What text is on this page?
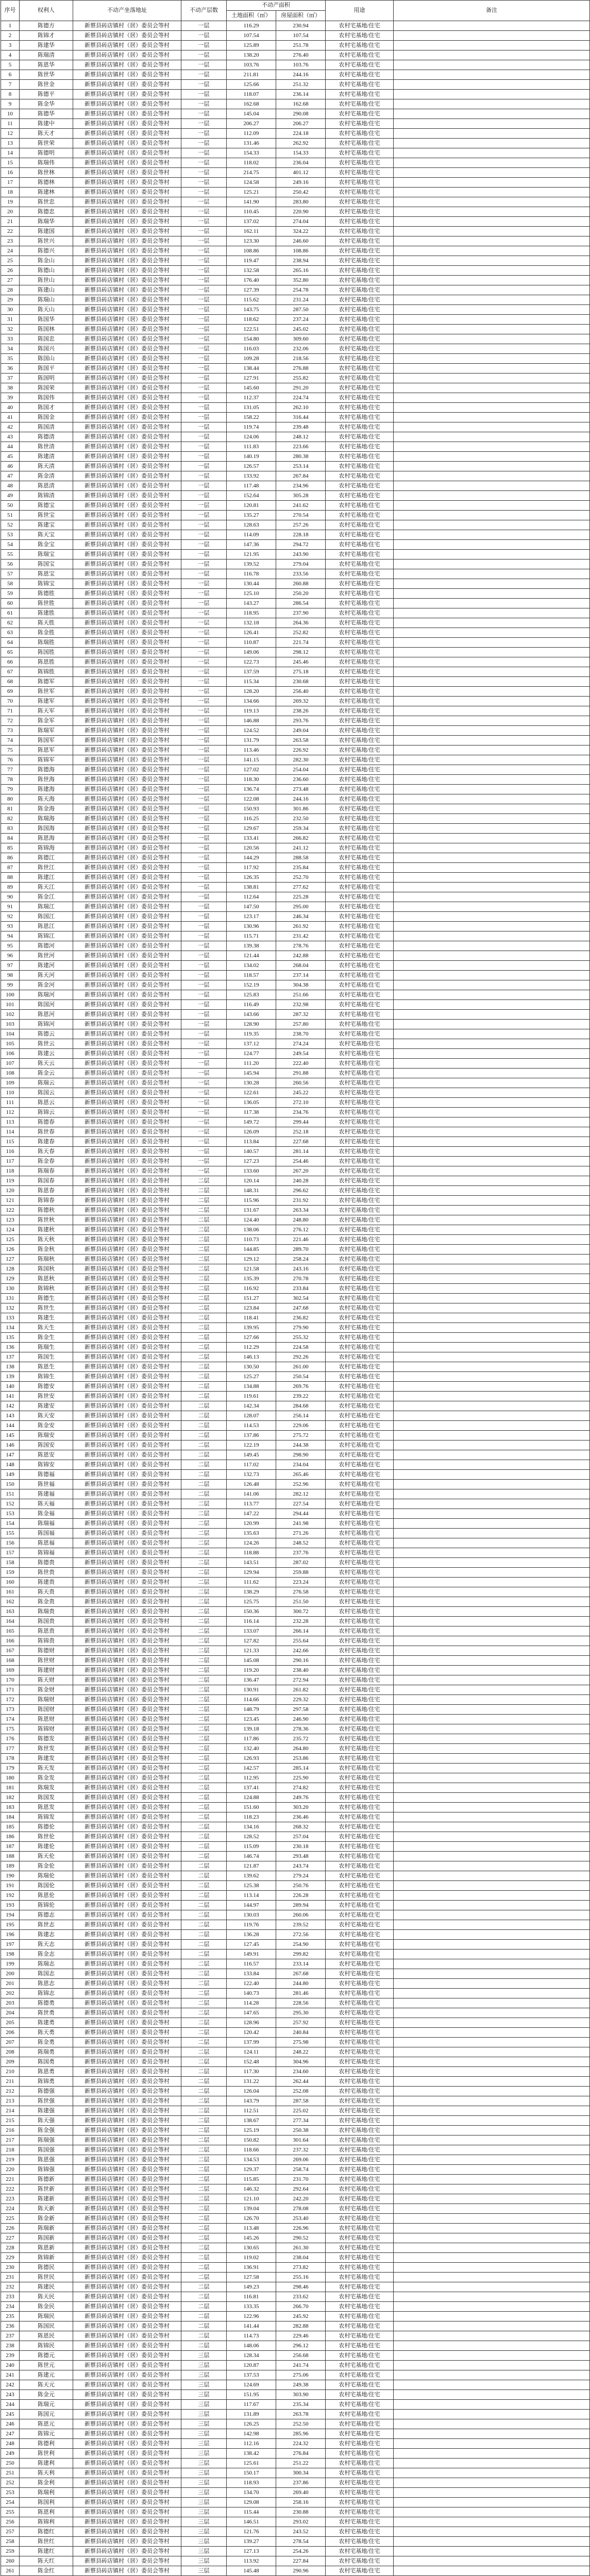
序号	权利人	不动产坐落地址	不动产层数	不动产面积		用途	备注
				土地面积（㎡）	房屋面积（㎡）		
1	陈德方	新蔡县砖店镇村（居）委员会等村	一层	116.29	230.94	农村宅基地/住宅	
2	陈锦才	新蔡县砖店镇村（居）委员会等村	一层	107.54	107.54	农村宅基地/住宅	
3	陈建华	新蔡县砖店镇村（居）委员会等村	一层	125.89	251.78	农村宅基地/住宅	
4	陈瑞清	新蔡县砖店镇村（居）委员会等村	一层	138.20	276.40	农村宅基地/住宅	
5	陈恩华	新蔡县砖店镇村（居）委员会等村	一层	103.76	103.76	农村宅基地/住宅	
6	陈世华	新蔡县砖店镇村（居）委员会等村	一层	211.81	244.16	农村宅基地/住宅	
7	陈世金	新蔡县砖店镇村（居）委员会等村	一层	125.66	251.32	农村宅基地/住宅	
8	陈德平	新蔡县砖店镇村（居）委员会等村	一层	118.07	236.14	农村宅基地/住宅	
9	陈金华	新蔡县砖店镇村（居）委员会等村	一层	162.68	162.68	农村宅基地/住宅	
10	陈德华	新蔡县砖店镇村（居）委员会等村	一层	145.04	290.08	农村宅基地/住宅	
11	陈建中	新蔡县砖店镇村（居）委员会等村	一层	206.27	206.27	农村宅基地/住宅	
12	陈天才	新蔡县砖店镇村（居）委员会等村	一层	112.09	224.18	农村宅基地/住宅	
13	陈世荣	新蔡县砖店镇村（居）委员会等村	一层	131.46	262.92	农村宅基地/住宅	
14	陈德明	新蔡县砖店镇村（居）委员会等村	一层	154.33	154.33	农村宅基地/住宅	
15	陈瑞伟	新蔡县砖店镇村（居）委员会等村	一层	118.02	236.04	农村宅基地/住宅	
16	陈世林	新蔡县砖店镇村（居）委员会等村	一层	214.75	401.12	农村宅基地/住宅	
17	陈德林	新蔡县砖店镇村（居）委员会等村	一层	124.58	249.16	农村宅基地/住宅	
18	陈建林	新蔡县砖店镇村（居）委员会等村	一层	125.21	250.42	农村宅基地/住宅	
19	陈世忠	新蔡县砖店镇村（居）委员会等村	一层	141.90	283.80	农村宅基地/住宅	
20	陈德忠	新蔡县砖店镇村（居）委员会等村	一层	110.45	220.90	农村宅基地/住宅	
21	陈瑞华	新蔡县砖店镇村（居）委员会等村	一层	137.02	274.04	农村宅基地/住宅	
22	陈建国	新蔡县砖店镇村（居）委员会等村	一层	162.11	324.22	农村宅基地/住宅	
23	陈世兴	新蔡县砖店镇村（居）委员会等村	一层	123.30	246.60	农村宅基地/住宅	
24	陈德兴	新蔡县砖店镇村（居）委员会等村	一层	108.86	108.86	农村宅基地/住宅	
25	陈金山	新蔡县砖店镇村（居）委员会等村	一层	119.47	238.94	农村宅基地/住宅	
26	陈德山	新蔡县砖店镇村（居）委员会等村	一层	132.58	265.16	农村宅基地/住宅	
27	陈世山	新蔡县砖店镇村（居）委员会等村	一层	176.40	352.80	农村宅基地/住宅	
28	陈建山	新蔡县砖店镇村（居）委员会等村	一层	127.39	254.78	农村宅基地/住宅	
29	陈瑞山	新蔡县砖店镇村（居）委员会等村	一层	115.62	231.24	农村宅基地/住宅	
30	陈天山	新蔡县砖店镇村（居）委员会等村	一层	143.75	287.50	农村宅基地/住宅	
31	陈国华	新蔡县砖店镇村（居）委员会等村	一层	118.62	237.24	农村宅基地/住宅	
32	陈国林	新蔡县砖店镇村（居）委员会等村	一层	122.51	245.02	农村宅基地/住宅	
33	陈国忠	新蔡县砖店镇村（居）委员会等村	一层	154.80	309.60	农村宅基地/住宅	
34	陈国兴	新蔡县砖店镇村（居）委员会等村	一层	116.03	232.06	农村宅基地/住宅	
35	陈国山	新蔡县砖店镇村（居）委员会等村	一层	109.28	218.56	农村宅基地/住宅	
36	陈国平	新蔡县砖店镇村（居）委员会等村	一层	138.44	276.88	农村宅基地/住宅	
37	陈国明	新蔡县砖店镇村（居）委员会等村	一层	127.91	255.82	农村宅基地/住宅	
38	陈国荣	新蔡县砖店镇村（居）委员会等村	一层	145.60	291.20	农村宅基地/住宅	
39	陈国伟	新蔡县砖店镇村（居）委员会等村	一层	112.37	224.74	农村宅基地/住宅	
40	陈国才	新蔡县砖店镇村（居）委员会等村	一层	131.05	262.10	农村宅基地/住宅	
41	陈国金	新蔡县砖店镇村（居）委员会等村	一层	158.22	316.44	农村宅基地/住宅	
42	陈国清	新蔡县砖店镇村（居）委员会等村	一层	119.74	239.48	农村宅基地/住宅	
43	陈德清	新蔡县砖店镇村（居）委员会等村	一层	124.06	248.12	农村宅基地/住宅	
44	陈世清	新蔡县砖店镇村（居）委员会等村	一层	111.83	223.66	农村宅基地/住宅	
45	陈建清	新蔡县砖店镇村（居）委员会等村	一层	140.19	280.38	农村宅基地/住宅	
46	陈天清	新蔡县砖店镇村（居）委员会等村	一层	126.57	253.14	农村宅基地/住宅	
47	陈金清	新蔡县砖店镇村（居）委员会等村	一层	133.92	267.84	农村宅基地/住宅	
48	陈恩清	新蔡县砖店镇村（居）委员会等村	一层	117.48	234.96	农村宅基地/住宅	
49	陈锦清	新蔡县砖店镇村（居）委员会等村	一层	152.64	305.28	农村宅基地/住宅	
50	陈德宝	新蔡县砖店镇村（居）委员会等村	一层	120.81	241.62	农村宅基地/住宅	
51	陈世宝	新蔡县砖店镇村（居）委员会等村	一层	135.27	270.54	农村宅基地/住宅	
52	陈建宝	新蔡县砖店镇村（居）委员会等村	一层	128.63	257.26	农村宅基地/住宅	
53	陈天宝	新蔡县砖店镇村（居）委员会等村	一层	114.09	228.18	农村宅基地/住宅	
54	陈金宝	新蔡县砖店镇村（居）委员会等村	一层	147.36	294.72	农村宅基地/住宅	
55	陈瑞宝	新蔡县砖店镇村（居）委员会等村	一层	121.95	243.90	农村宅基地/住宅	
56	陈国宝	新蔡县砖店镇村（居）委员会等村	一层	139.52	279.04	农村宅基地/住宅	
57	陈恩宝	新蔡县砖店镇村（居）委员会等村	一层	116.78	233.56	农村宅基地/住宅	
58	陈锦宝	新蔡县砖店镇村（居）委员会等村	一层	130.44	260.88	农村宅基地/住宅	
59	陈德胜	新蔡县砖店镇村（居）委员会等村	一层	125.10	250.20	农村宅基地/住宅	
60	陈世胜	新蔡县砖店镇村（居）委员会等村	一层	143.27	286.54	农村宅基地/住宅	
61	陈建胜	新蔡县砖店镇村（居）委员会等村	一层	118.95	237.90	农村宅基地/住宅	
62	陈天胜	新蔡县砖店镇村（居）委员会等村	一层	132.18	264.36	农村宅基地/住宅	
63	陈金胜	新蔡县砖店镇村（居）委员会等村	一层	126.41	252.82	农村宅基地/住宅	
64	陈瑞胜	新蔡县砖店镇村（居）委员会等村	一层	110.87	221.74	农村宅基地/住宅	
65	陈国胜	新蔡县砖店镇村（居）委员会等村	一层	149.06	298.12	农村宅基地/住宅	
66	陈恩胜	新蔡县砖店镇村（居）委员会等村	一层	122.73	245.46	农村宅基地/住宅	
67	陈锦胜	新蔡县砖店镇村（居）委员会等村	一层	137.59	275.18	农村宅基地/住宅	
68	陈德军	新蔡县砖店镇村（居）委员会等村	一层	115.34	230.68	农村宅基地/住宅	
69	陈世军	新蔡县砖店镇村（居）委员会等村	一层	128.20	256.40	农村宅基地/住宅	
70	陈建军	新蔡县砖店镇村（居）委员会等村	一层	134.66	269.32	农村宅基地/住宅	
71	陈天军	新蔡县砖店镇村（居）委员会等村	一层	119.13	238.26	农村宅基地/住宅	
72	陈金军	新蔡县砖店镇村（居）委员会等村	一层	146.88	293.76	农村宅基地/住宅	
73	陈瑞军	新蔡县砖店镇村（居）委员会等村	一层	124.52	249.04	农村宅基地/住宅	
74	陈国军	新蔡县砖店镇村（居）委员会等村	一层	131.79	263.58	农村宅基地/住宅	
75	陈恩军	新蔡县砖店镇村（居）委员会等村	一层	113.46	226.92	农村宅基地/住宅	
76	陈锦军	新蔡县砖店镇村（居）委员会等村	一层	141.15	282.30	农村宅基地/住宅	
77	陈德海	新蔡县砖店镇村（居）委员会等村	一层	127.02	254.04	农村宅基地/住宅	
78	陈世海	新蔡县砖店镇村（居）委员会等村	一层	118.30	236.60	农村宅基地/住宅	
79	陈建海	新蔡县砖店镇村（居）委员会等村	一层	136.74	273.48	农村宅基地/住宅	
80	陈天海	新蔡县砖店镇村（居）委员会等村	一层	122.08	244.16	农村宅基地/住宅	
81	陈金海	新蔡县砖店镇村（居）委员会等村	一层	150.93	301.86	农村宅基地/住宅	
82	陈瑞海	新蔡县砖店镇村（居）委员会等村	一层	116.25	232.50	农村宅基地/住宅	
83	陈国海	新蔡县砖店镇村（居）委员会等村	一层	129.67	259.34	农村宅基地/住宅	
84	陈恩海	新蔡县砖店镇村（居）委员会等村	一层	133.41	266.82	农村宅基地/住宅	
85	陈锦海	新蔡县砖店镇村（居）委员会等村	一层	120.56	241.12	农村宅基地/住宅	
86	陈德江	新蔡县砖店镇村（居）委员会等村	一层	144.29	288.58	农村宅基地/住宅	
87	陈世江	新蔡县砖店镇村（居）委员会等村	一层	117.92	235.84	农村宅基地/住宅	
88	陈建江	新蔡县砖店镇村（居）委员会等村	一层	126.35	252.70	农村宅基地/住宅	
89	陈天江	新蔡县砖店镇村（居）委员会等村	一层	138.81	277.62	农村宅基地/住宅	
90	陈金江	新蔡县砖店镇村（居）委员会等村	一层	112.64	225.28	农村宅基地/住宅	
91	陈瑞江	新蔡县砖店镇村（居）委员会等村	一层	147.50	295.00	农村宅基地/住宅	
92	陈国江	新蔡县砖店镇村（居）委员会等村	一层	123.17	246.34	农村宅基地/住宅	
93	陈恩江	新蔡县砖店镇村（居）委员会等村	一层	130.96	261.92	农村宅基地/住宅	
94	陈锦江	新蔡县砖店镇村（居）委员会等村	一层	115.71	231.42	农村宅基地/住宅	
95	陈德河	新蔡县砖店镇村（居）委员会等村	一层	139.38	278.76	农村宅基地/住宅	
96	陈世河	新蔡县砖店镇村（居）委员会等村	一层	121.44	242.88	农村宅基地/住宅	
97	陈建河	新蔡县砖店镇村（居）委员会等村	一层	134.02	268.04	农村宅基地/住宅	
98	陈天河	新蔡县砖店镇村（居）委员会等村	一层	118.57	237.14	农村宅基地/住宅	
99	陈金河	新蔡县砖店镇村（居）委员会等村	一层	152.19	304.38	农村宅基地/住宅	
100	陈瑞河	新蔡县砖店镇村（居）委员会等村	一层	125.83	251.66	农村宅基地/住宅	
101	陈国河	新蔡县砖店镇村（居）委员会等村	一层	116.49	232.98	农村宅基地/住宅	
102	陈恩河	新蔡县砖店镇村（居）委员会等村	一层	143.66	287.32	农村宅基地/住宅	
103	陈锦河	新蔡县砖店镇村（居）委员会等村	一层	128.90	257.80	农村宅基地/住宅	
104	陈德云	新蔡县砖店镇村（居）委员会等村	一层	119.35	238.70	农村宅基地/住宅	
105	陈世云	新蔡县砖店镇村（居）委员会等村	一层	137.12	274.24	农村宅基地/住宅	
106	陈建云	新蔡县砖店镇村（居）委员会等村	一层	124.77	249.54	农村宅基地/住宅	
107	陈天云	新蔡县砖店镇村（居）委员会等村	一层	111.20	222.40	农村宅基地/住宅	
108	陈金云	新蔡县砖店镇村（居）委员会等村	一层	145.94	291.88	农村宅基地/住宅	
109	陈瑞云	新蔡县砖店镇村（居）委员会等村	一层	130.28	260.56	农村宅基地/住宅	
110	陈国云	新蔡县砖店镇村（居）委员会等村	一层	122.61	245.22	农村宅基地/住宅	
111	陈恩云	新蔡县砖店镇村（居）委员会等村	一层	136.05	272.10	农村宅基地/住宅	
112	陈锦云	新蔡县砖店镇村（居）委员会等村	一层	117.38	234.76	农村宅基地/住宅	
113	陈德春	新蔡县砖店镇村（居）委员会等村	一层	149.72	299.44	农村宅基地/住宅	
114	陈世春	新蔡县砖店镇村（居）委员会等村	一层	126.09	252.18	农村宅基地/住宅	
115	陈建春	新蔡县砖店镇村（居）委员会等村	一层	113.84	227.68	农村宅基地/住宅	
116	陈天春	新蔡县砖店镇村（居）委员会等村	一层	140.57	281.14	农村宅基地/住宅	
117	陈金春	新蔡县砖店镇村（居）委员会等村	一层	127.23	254.46	农村宅基地/住宅	
118	陈瑞春	新蔡县砖店镇村（居）委员会等村	一层	133.60	267.20	农村宅基地/住宅	
119	陈国春	新蔡县砖店镇村（居）委员会等村	二层	120.14	240.28	农村宅基地/住宅	
120	陈恩春	新蔡县砖店镇村（居）委员会等村	二层	148.31	296.62	农村宅基地/住宅	
121	陈锦春	新蔡县砖店镇村（居）委员会等村	二层	115.96	231.92	农村宅基地/住宅	
122	陈德秋	新蔡县砖店镇村（居）委员会等村	二层	131.67	263.34	农村宅基地/住宅	
123	陈世秋	新蔡县砖店镇村（居）委员会等村	二层	124.40	248.80	农村宅基地/住宅	
124	陈建秋	新蔡县砖店镇村（居）委员会等村	二层	138.06	276.12	农村宅基地/住宅	
125	陈天秋	新蔡县砖店镇村（居）委员会等村	二层	110.73	221.46	农村宅基地/住宅	
126	陈金秋	新蔡县砖店镇村（居）委员会等村	二层	144.85	289.70	农村宅基地/住宅	
127	陈瑞秋	新蔡县砖店镇村（居）委员会等村	二层	129.12	258.24	农村宅基地/住宅	
128	陈国秋	新蔡县砖店镇村（居）委员会等村	二层	121.58	243.16	农村宅基地/住宅	
129	陈恩秋	新蔡县砖店镇村（居）委员会等村	二层	135.39	270.78	农村宅基地/住宅	
130	陈锦秋	新蔡县砖店镇村（居）委员会等村	二层	116.92	233.84	农村宅基地/住宅	
131	陈德生	新蔡县砖店镇村（居）委员会等村	二层	151.27	302.54	农村宅基地/住宅	
132	陈世生	新蔡县砖店镇村（居）委员会等村	二层	123.84	247.68	农村宅基地/住宅	
133	陈建生	新蔡县砖店镇村（居）委员会等村	二层	118.41	236.82	农村宅基地/住宅	
134	陈天生	新蔡县砖店镇村（居）委员会等村	二层	139.95	279.90	农村宅基地/住宅	
135	陈金生	新蔡县砖店镇村（居）委员会等村	二层	127.66	255.32	农村宅基地/住宅	
136	陈瑞生	新蔡县砖店镇村（居）委员会等村	二层	112.29	224.58	农村宅基地/住宅	
137	陈国生	新蔡县砖店镇村（居）委员会等村	二层	146.13	292.26	农村宅基地/住宅	
138	陈恩生	新蔡县砖店镇村（居）委员会等村	二层	130.50	261.00	农村宅基地/住宅	
139	陈锦生	新蔡县砖店镇村（居）委员会等村	二层	125.27	250.54	农村宅基地/住宅	
140	陈德安	新蔡县砖店镇村（居）委员会等村	二层	134.88	269.76	农村宅基地/住宅	
141	陈世安	新蔡县砖店镇村（居）委员会等村	二层	119.61	239.22	农村宅基地/住宅	
142	陈建安	新蔡县砖店镇村（居）委员会等村	二层	142.34	284.68	农村宅基地/住宅	
143	陈天安	新蔡县砖店镇村（居）委员会等村	二层	128.07	256.14	农村宅基地/住宅	
144	陈金安	新蔡县砖店镇村（居）委员会等村	二层	114.53	229.06	农村宅基地/住宅	
145	陈瑞安	新蔡县砖店镇村（居）委员会等村	二层	137.86	275.72	农村宅基地/住宅	
146	陈国安	新蔡县砖店镇村（居）委员会等村	二层	122.19	244.38	农村宅基地/住宅	
147	陈恩安	新蔡县砖店镇村（居）委员会等村	二层	149.45	298.90	农村宅基地/住宅	
148	陈锦安	新蔡县砖店镇村（居）委员会等村	二层	117.02	234.04	农村宅基地/住宅	
149	陈德福	新蔡县砖店镇村（居）委员会等村	二层	132.73	265.46	农村宅基地/住宅	
150	陈世福	新蔡县砖店镇村（居）委员会等村	二层	126.48	252.96	农村宅基地/住宅	
151	陈建福	新蔡县砖店镇村（居）委员会等村	二层	141.06	282.12	农村宅基地/住宅	
152	陈天福	新蔡县砖店镇村（居）委员会等村	二层	113.77	227.54	农村宅基地/住宅	
153	陈金福	新蔡县砖店镇村（居）委员会等村	二层	147.22	294.44	农村宅基地/住宅	
154	陈瑞福	新蔡县砖店镇村（居）委员会等村	二层	120.99	241.98	农村宅基地/住宅	
155	陈国福	新蔡县砖店镇村（居）委员会等村	二层	135.63	271.26	农村宅基地/住宅	
156	陈恩福	新蔡县砖店镇村（居）委员会等村	二层	124.26	248.52	农村宅基地/住宅	
157	陈锦福	新蔡县砖店镇村（居）委员会等村	二层	118.88	237.76	农村宅基地/住宅	
158	陈德贵	新蔡县砖店镇村（居）委员会等村	二层	143.51	287.02	农村宅基地/住宅	
159	陈世贵	新蔡县砖店镇村（居）委员会等村	二层	129.94	259.88	农村宅基地/住宅	
160	陈建贵	新蔡县砖店镇村（居）委员会等村	二层	111.62	223.24	农村宅基地/住宅	
161	陈天贵	新蔡县砖店镇村（居）委员会等村	二层	138.29	276.58	农村宅基地/住宅	
162	陈金贵	新蔡县砖店镇村（居）委员会等村	二层	125.75	251.50	农村宅基地/住宅	
163	陈瑞贵	新蔡县砖店镇村（居）委员会等村	二层	150.36	300.72	农村宅基地/住宅	
164	陈国贵	新蔡县砖店镇村（居）委员会等村	二层	116.14	232.28	农村宅基地/住宅	
165	陈恩贵	新蔡县砖店镇村（居）委员会等村	二层	133.07	266.14	农村宅基地/住宅	
166	陈锦贵	新蔡县砖店镇村（居）委员会等村	二层	127.82	255.64	农村宅基地/住宅	
167	陈德财	新蔡县砖店镇村（居）委员会等村	二层	121.33	242.66	农村宅基地/住宅	
168	陈世财	新蔡县砖店镇村（居）委员会等村	二层	145.08	290.16	农村宅基地/住宅	
169	陈建财	新蔡县砖店镇村（居）委员会等村	二层	119.20	238.40	农村宅基地/住宅	
170	陈天财	新蔡县砖店镇村（居）委员会等村	二层	136.47	272.94	农村宅基地/住宅	
171	陈金财	新蔡县砖店镇村（居）委员会等村	二层	130.91	261.82	农村宅基地/住宅	
172	陈瑞财	新蔡县砖店镇村（居）委员会等村	二层	114.66	229.32	农村宅基地/住宅	
173	陈国财	新蔡县砖店镇村（居）委员会等村	二层	148.79	297.58	农村宅基地/住宅	
174	陈恩财	新蔡县砖店镇村（居）委员会等村	二层	123.45	246.90	农村宅基地/住宅	
175	陈锦财	新蔡县砖店镇村（居）委员会等村	二层	139.18	278.36	农村宅基地/住宅	
176	陈德发	新蔡县砖店镇村（居）委员会等村	二层	117.86	235.72	农村宅基地/住宅	
177	陈世发	新蔡县砖店镇村（居）委员会等村	二层	132.40	264.80	农村宅基地/住宅	
178	陈建发	新蔡县砖店镇村（居）委员会等村	二层	126.93	253.86	农村宅基地/住宅	
179	陈天发	新蔡县砖店镇村（居）委员会等村	二层	142.57	285.14	农村宅基地/住宅	
180	陈金发	新蔡县砖店镇村（居）委员会等村	二层	112.95	225.90	农村宅基地/住宅	
181	陈瑞发	新蔡县砖店镇村（居）委员会等村	二层	137.41	274.82	农村宅基地/住宅	
182	陈国发	新蔡县砖店镇村（居）委员会等村	二层	124.88	249.76	农村宅基地/住宅	
183	陈恩发	新蔡县砖店镇村（居）委员会等村	二层	151.60	303.20	农村宅基地/住宅	
184	陈锦发	新蔡县砖店镇村（居）委员会等村	二层	118.23	236.46	农村宅基地/住宅	
185	陈德伦	新蔡县砖店镇村（居）委员会等村	二层	134.16	268.32	农村宅基地/住宅	
186	陈世伦	新蔡县砖店镇村（居）委员会等村	二层	128.52	257.04	农村宅基地/住宅	
187	陈建伦	新蔡县砖店镇村（居）委员会等村	二层	115.09	230.18	农村宅基地/住宅	
188	陈天伦	新蔡县砖店镇村（居）委员会等村	二层	146.74	293.48	农村宅基地/住宅	
189	陈金伦	新蔡县砖店镇村（居）委员会等村	二层	121.87	243.74	农村宅基地/住宅	
190	陈瑞伦	新蔡县砖店镇村（居）委员会等村	二层	139.62	279.24	农村宅基地/住宅	
191	陈国伦	新蔡县砖店镇村（居）委员会等村	二层	125.38	250.76	农村宅基地/住宅	
192	陈恩伦	新蔡县砖店镇村（居）委员会等村	二层	113.14	226.28	农村宅基地/住宅	
193	陈锦伦	新蔡县砖店镇村（居）委员会等村	二层	144.97	289.94	农村宅基地/住宅	
194	陈德志	新蔡县砖店镇村（居）委员会等村	二层	130.03	260.06	农村宅基地/住宅	
195	陈世志	新蔡县砖店镇村（居）委员会等村	二层	119.76	239.52	农村宅基地/住宅	
196	陈建志	新蔡县砖店镇村（居）委员会等村	二层	136.28	272.56	农村宅基地/住宅	
197	陈天志	新蔡县砖店镇村（居）委员会等村	二层	127.45	254.90	农村宅基地/住宅	
198	陈金志	新蔡县砖店镇村（居）委员会等村	二层	149.91	299.82	农村宅基地/住宅	
199	陈瑞志	新蔡县砖店镇村（居）委员会等村	二层	116.57	233.14	农村宅基地/住宅	
200	陈国志	新蔡县砖店镇村（居）委员会等村	二层	133.84	267.68	农村宅基地/住宅	
201	陈恩志	新蔡县砖店镇村（居）委员会等村	二层	122.40	244.80	农村宅基地/住宅	
202	陈锦志	新蔡县砖店镇村（居）委员会等村	二层	140.73	281.46	农村宅基地/住宅	
203	陈德勇	新蔡县砖店镇村（居）委员会等村	二层	114.28	228.56	农村宅基地/住宅	
204	陈世勇	新蔡县砖店镇村（居）委员会等村	二层	147.65	295.30	农村宅基地/住宅	
205	陈建勇	新蔡县砖店镇村（居）委员会等村	二层	128.96	257.92	农村宅基地/住宅	
206	陈天勇	新蔡县砖店镇村（居）委员会等村	二层	120.42	240.84	农村宅基地/住宅	
207	陈金勇	新蔡县砖店镇村（居）委员会等村	二层	137.99	275.98	农村宅基地/住宅	
208	陈瑞勇	新蔡县砖店镇村（居）委员会等村	二层	124.11	248.22	农村宅基地/住宅	
209	陈国勇	新蔡县砖店镇村（居）委员会等村	二层	152.48	304.96	农村宅基地/住宅	
210	陈恩勇	新蔡县砖店镇村（居）委员会等村	二层	117.30	234.60	农村宅基地/住宅	
211	陈锦勇	新蔡县砖店镇村（居）委员会等村	二层	131.22	262.44	农村宅基地/住宅	
212	陈德强	新蔡县砖店镇村（居）委员会等村	二层	126.04	252.08	农村宅基地/住宅	
213	陈世强	新蔡县砖店镇村（居）委员会等村	二层	143.79	287.58	农村宅基地/住宅	
214	陈建强	新蔡县砖店镇村（居）委员会等村	二层	112.51	225.02	农村宅基地/住宅	
215	陈天强	新蔡县砖店镇村（居）委员会等村	二层	138.67	277.34	农村宅基地/住宅	
216	陈金强	新蔡县砖店镇村（居）委员会等村	二层	125.19	250.38	农村宅基地/住宅	
217	陈瑞强	新蔡县砖店镇村（居）委员会等村	二层	150.82	301.64	农村宅基地/住宅	
218	陈国强	新蔡县砖店镇村（居）委员会等村	二层	118.66	237.32	农村宅基地/住宅	
219	陈恩强	新蔡县砖店镇村（居）委员会等村	二层	134.53	269.06	农村宅基地/住宅	
220	陈锦强	新蔡县砖店镇村（居）委员会等村	二层	129.37	258.74	农村宅基地/住宅	
221	陈德新	新蔡县砖店镇村（居）委员会等村	二层	115.85	231.70	农村宅基地/住宅	
222	陈世新	新蔡县砖店镇村（居）委员会等村	二层	146.32	292.64	农村宅基地/住宅	
223	陈建新	新蔡县砖店镇村（居）委员会等村	二层	121.10	242.20	农村宅基地/住宅	
224	陈天新	新蔡县砖店镇村（居）委员会等村	二层	139.04	278.08	农村宅基地/住宅	
225	陈金新	新蔡县砖店镇村（居）委员会等村	二层	126.70	253.40	农村宅基地/住宅	
226	陈瑞新	新蔡县砖店镇村（居）委员会等村	二层	113.48	226.96	农村宅基地/住宅	
227	陈国新	新蔡县砖店镇村（居）委员会等村	二层	145.26	290.52	农村宅基地/住宅	
228	陈恩新	新蔡县砖店镇村（居）委员会等村	二层	130.65	261.30	农村宅基地/住宅	
229	陈锦新	新蔡县砖店镇村（居）委员会等村	二层	119.02	238.04	农村宅基地/住宅	
230	陈德民	新蔡县砖店镇村（居）委员会等村	二层	136.91	273.82	农村宅基地/住宅	
231	陈世民	新蔡县砖店镇村（居）委员会等村	二层	127.58	255.16	农村宅基地/住宅	
232	陈建民	新蔡县砖店镇村（居）委员会等村	二层	149.23	298.46	农村宅基地/住宅	
233	陈天民	新蔡县砖店镇村（居）委员会等村	二层	116.81	233.62	农村宅基地/住宅	
234	陈金民	新蔡县砖店镇村（居）委员会等村	二层	133.35	266.70	农村宅基地/住宅	
235	陈瑞民	新蔡县砖店镇村（居）委员会等村	二层	122.96	245.92	农村宅基地/住宅	
236	陈国民	新蔡县砖店镇村（居）委员会等村	二层	141.44	282.88	农村宅基地/住宅	
237	陈恩民	新蔡县砖店镇村（居）委员会等村	二层	114.73	229.46	农村宅基地/住宅	
238	陈锦民	新蔡县砖店镇村（居）委员会等村	二层	148.06	296.12	农村宅基地/住宅	
239	陈德元	新蔡县砖店镇村（居）委员会等村	三层	128.34	256.68	农村宅基地/住宅	
240	陈世元	新蔡县砖店镇村（居）委员会等村	三层	120.87	241.74	农村宅基地/住宅	
241	陈建元	新蔡县砖店镇村（居）委员会等村	三层	137.53	275.06	农村宅基地/住宅	
242	陈天元	新蔡县砖店镇村（居）委员会等村	三层	124.69	249.38	农村宅基地/住宅	
243	陈金元	新蔡县砖店镇村（居）委员会等村	三层	151.95	303.90	农村宅基地/住宅	
244	陈瑞元	新蔡县砖店镇村（居）委员会等村	三层	117.67	235.34	农村宅基地/住宅	
245	陈国元	新蔡县砖店镇村（居）委员会等村	三层	131.89	263.78	农村宅基地/住宅	
246	陈恩元	新蔡县砖店镇村（居）委员会等村	三层	126.25	252.50	农村宅基地/住宅	
247	陈锦元	新蔡县砖店镇村（居）委员会等村	三层	142.98	285.96	农村宅基地/住宅	
248	陈德利	新蔡县砖店镇村（居）委员会等村	三层	112.16	224.32	农村宅基地/住宅	
249	陈世利	新蔡县砖店镇村（居）委员会等村	三层	138.42	276.84	农村宅基地/住宅	
250	陈建利	新蔡县砖店镇村（居）委员会等村	三层	125.61	251.22	农村宅基地/住宅	
251	陈天利	新蔡县砖店镇村（居）委员会等村	三层	150.17	300.34	农村宅基地/住宅	
252	陈金利	新蔡县砖店镇村（居）委员会等村	三层	118.93	237.86	农村宅基地/住宅	
253	陈瑞利	新蔡县砖店镇村（居）委员会等村	三层	134.70	269.40	农村宅基地/住宅	
254	陈国利	新蔡县砖店镇村（居）委员会等村	三层	129.08	258.16	农村宅基地/住宅	
255	陈恩利	新蔡县砖店镇村（居）委员会等村	三层	115.44	230.88	农村宅基地/住宅	
256	陈锦利	新蔡县砖店镇村（居）委员会等村	三层	146.51	293.02	农村宅基地/住宅	
257	陈德红	新蔡县砖店镇村（居）委员会等村	三层	121.76	243.52	农村宅基地/住宅	
258	陈世红	新蔡县砖店镇村（居）委员会等村	三层	139.27	278.54	农村宅基地/住宅	
259	陈建红	新蔡县砖店镇村（居）委员会等村	三层	127.13	254.26	农村宅基地/住宅	
260	陈天红	新蔡县砖店镇村（居）委员会等村	三层	113.92	227.84	农村宅基地/住宅	
261	陈金红	新蔡县砖店镇村（居）委员会等村	三层	145.48	290.96	农村宅基地/住宅	
